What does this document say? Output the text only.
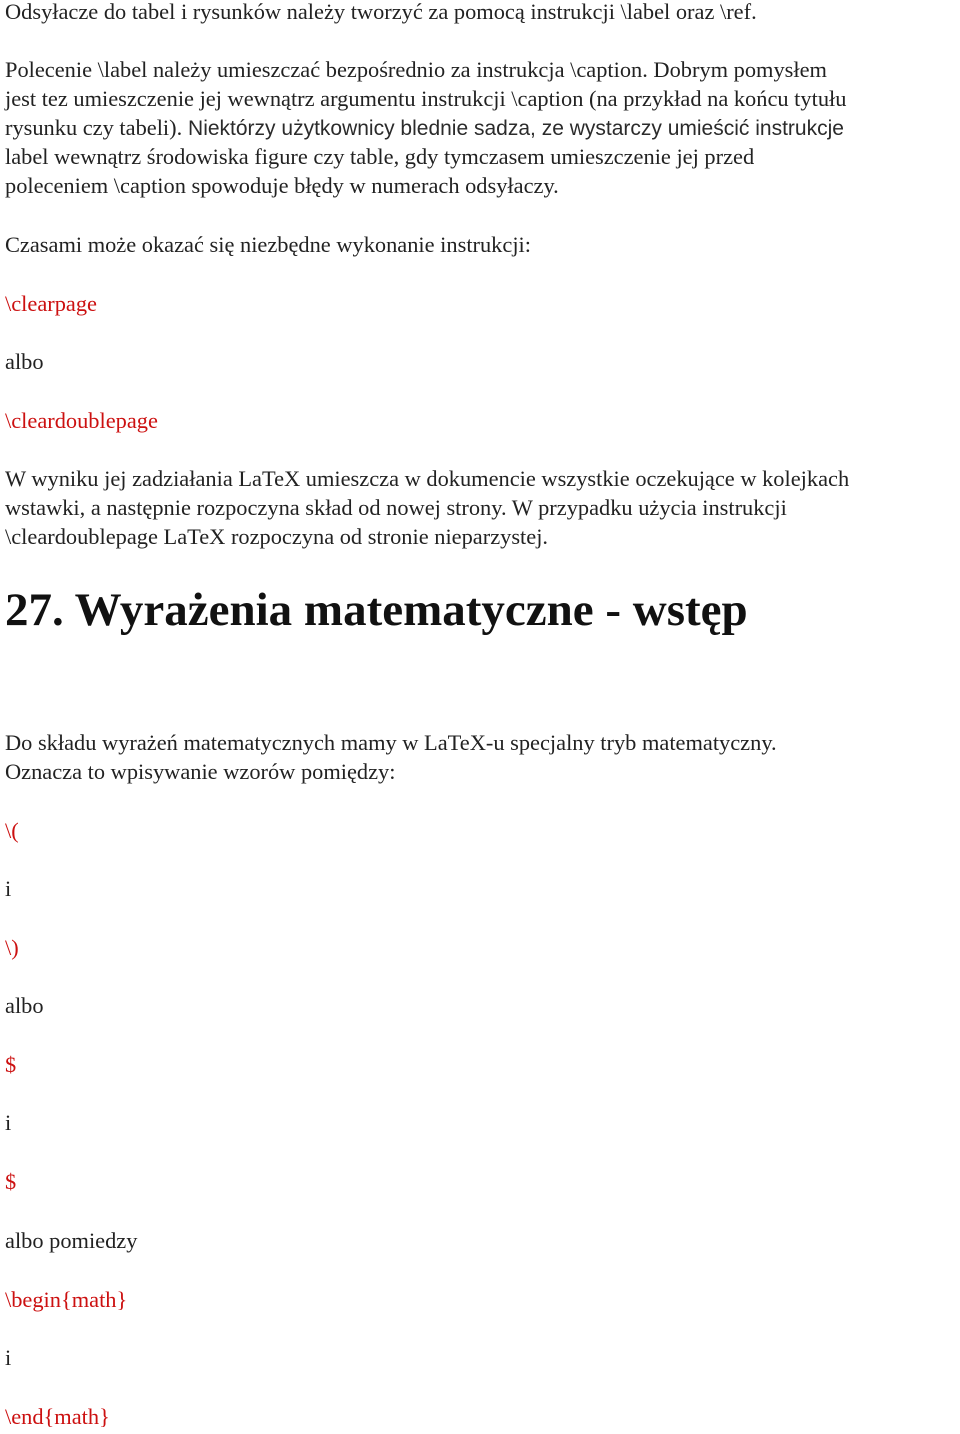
Odsyłacze do tabel i rysunków należy tworzyć za pomocą instrukcji \label oraz \ref.
Polecenie \label należy umieszczać bezpośrednio za instrukcja \caption. Dobrym pomysłem
jest tez umieszczenie jej wewnątrz argumentu instrukcji \caption (na przykład na końcu tytułu
rysunku czy tabeli). Niektórzy użytkownicy blednie sadza, ze wystarczy umieścić instrukcje
label wewnątrz środowiska figure czy table, gdy tymczasem umieszczenie jej przed
poleceniem \caption spowoduje błędy w numerach odsyłaczy.
Czasami może okazać się niezbędne wykonanie instrukcji:
\clearpage
albo
\cleardoublepage
W wyniku jej zadziałania LaTeX umieszcza w dokumencie wszystkie oczekujące w kolejkach
wstawki, a następnie rozpoczyna skład od nowej strony. W przypadku użycia instrukcji
\cleardoublepage LaTeX rozpoczyna od stronie nieparzystej.
27. Wyrażenia matematyczne - wstęp
Do składu wyrażeń matematycznych mamy w LaTeX-u specjalny tryb matematyczny.
Oznacza to wpisywanie wzorów pomiędzy:
\(
i
\)
albo
$
i
$
albo pomiedzy
\begin{math}
i
\end{math}
